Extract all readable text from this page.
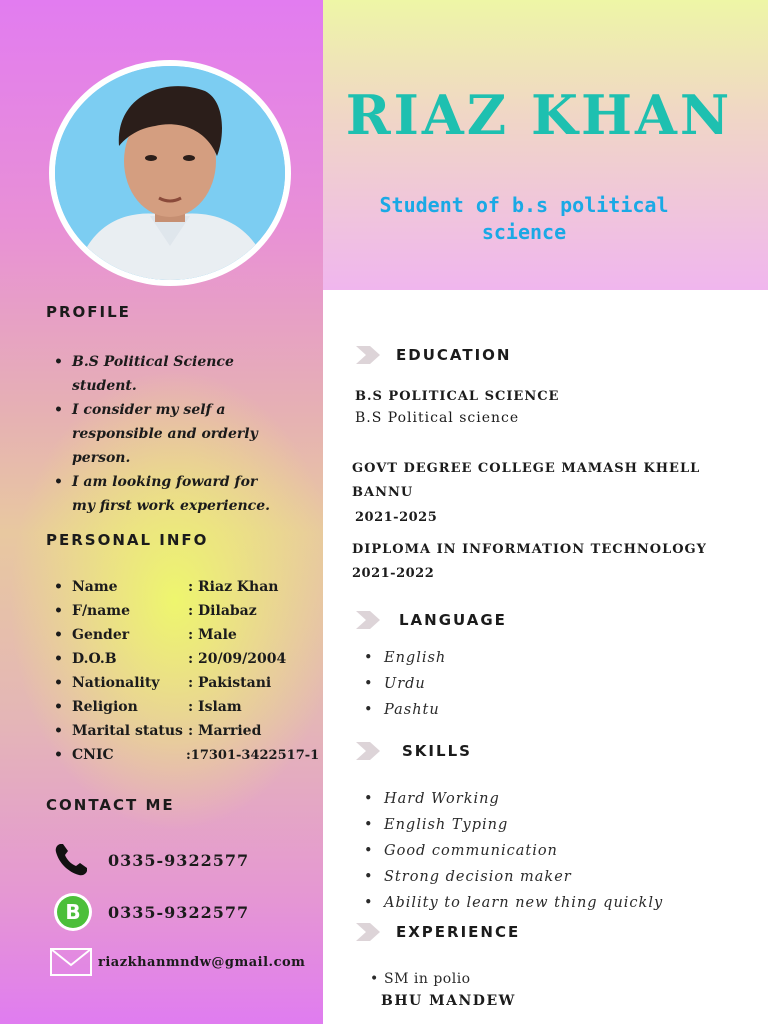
PROFILE
• B.S Political Science student.
• I consider my self a responsible and orderly person.
• I am looking foward for my first work experience.
PERSONAL INFO
• Name	: Riaz Khan
• F/name	: Dilabaz
• Gender	: Male
• D.O.B	: 20/09/2004
• Nationality : Pakistani
• Religion	: Islam
• Marital status : Married
• CNIC	:17301-3422517-1
CONTACT ME
0335-9322577
B 0335-9322577
riazkhanmndw@gmail.com
RIAZ KHAN

Student of b.s political science

EDUCATION

B.S POLITICAL SCIENCE

B.S Political science

GOVT DEGREE COLLEGE MAMASH KHELL

BANNU

2021-2025

DIPLOMA IN INFORMATION TECHNOLOGY

2021-2022

LANGUAGE
• English
• Urdu
• Pashtu
SKILLS
• Hard Working
• English Typing
• Good communication
• Strong decision maker
• Ability to learn new thing quickly
EXPERIENCE
• SM in polio

BHU MANDEW
